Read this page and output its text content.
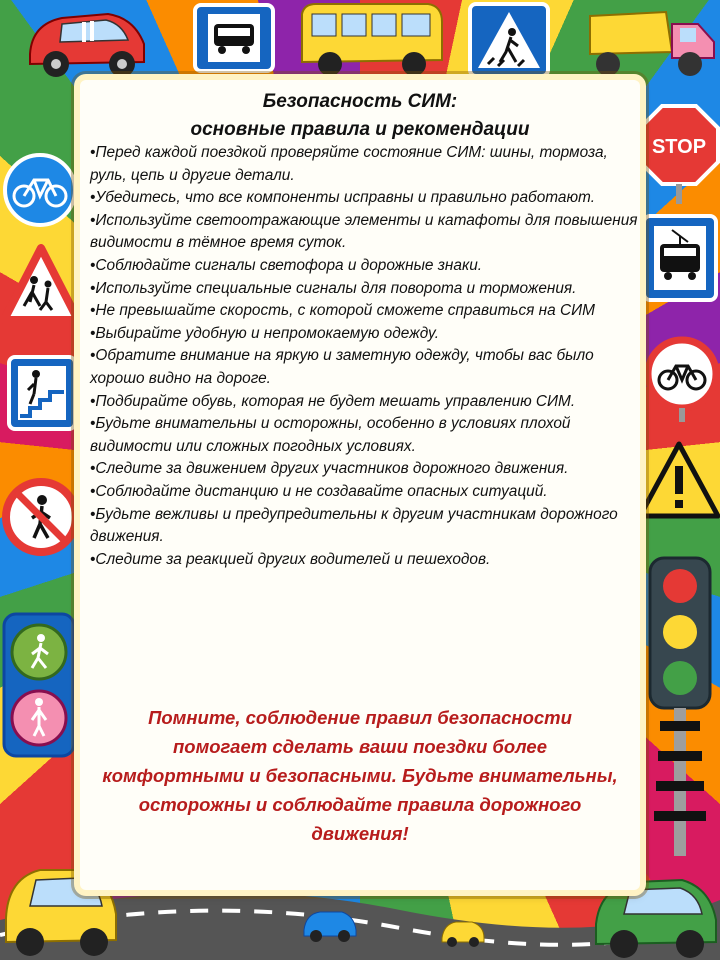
STOP
Безопасность СИМ:
основные правила и рекомендации
• Перед каждой поездкой проверяйте состояние СИМ: шины, тормоза, руль, цепь и другие детали.
• Убедитесь, что все компоненты исправны и правильно работают.
• Используйте светоотражающие элементы и катафоты для повышения видимости в тёмное время суток.
• Соблюдайте сигналы светофора и дорожные знаки.
• Используйте специальные сигналы для поворота и торможения.
• Не превышайте скорость, с которой сможете справиться на СИМ
• Выбирайте удобную и непромокаемую одежду.
• Обратите внимание на яркую и заметную одежду, чтобы вас было хорошо видно на дороге.
• Подбирайте обувь, которая не будет мешать управлению СИМ.
• Будьте внимательны и осторожны, особенно в условиях плохой видимости или сложных погодных условиях.
• Следите за движением других участников дорожного движения.
• Соблюдайте дистанцию и не создавайте опасных ситуаций.
• Будьте вежливы и предупредительны к другим участникам дорожного движения.
• Следите за реакцией других водителей и пешеходов.
Помните, соблюдение правил безопасности помогает сделать ваши поездки более комфортными и безопасными. Будьте внимательны, осторожны и соблюдайте правила дорожного движения!
